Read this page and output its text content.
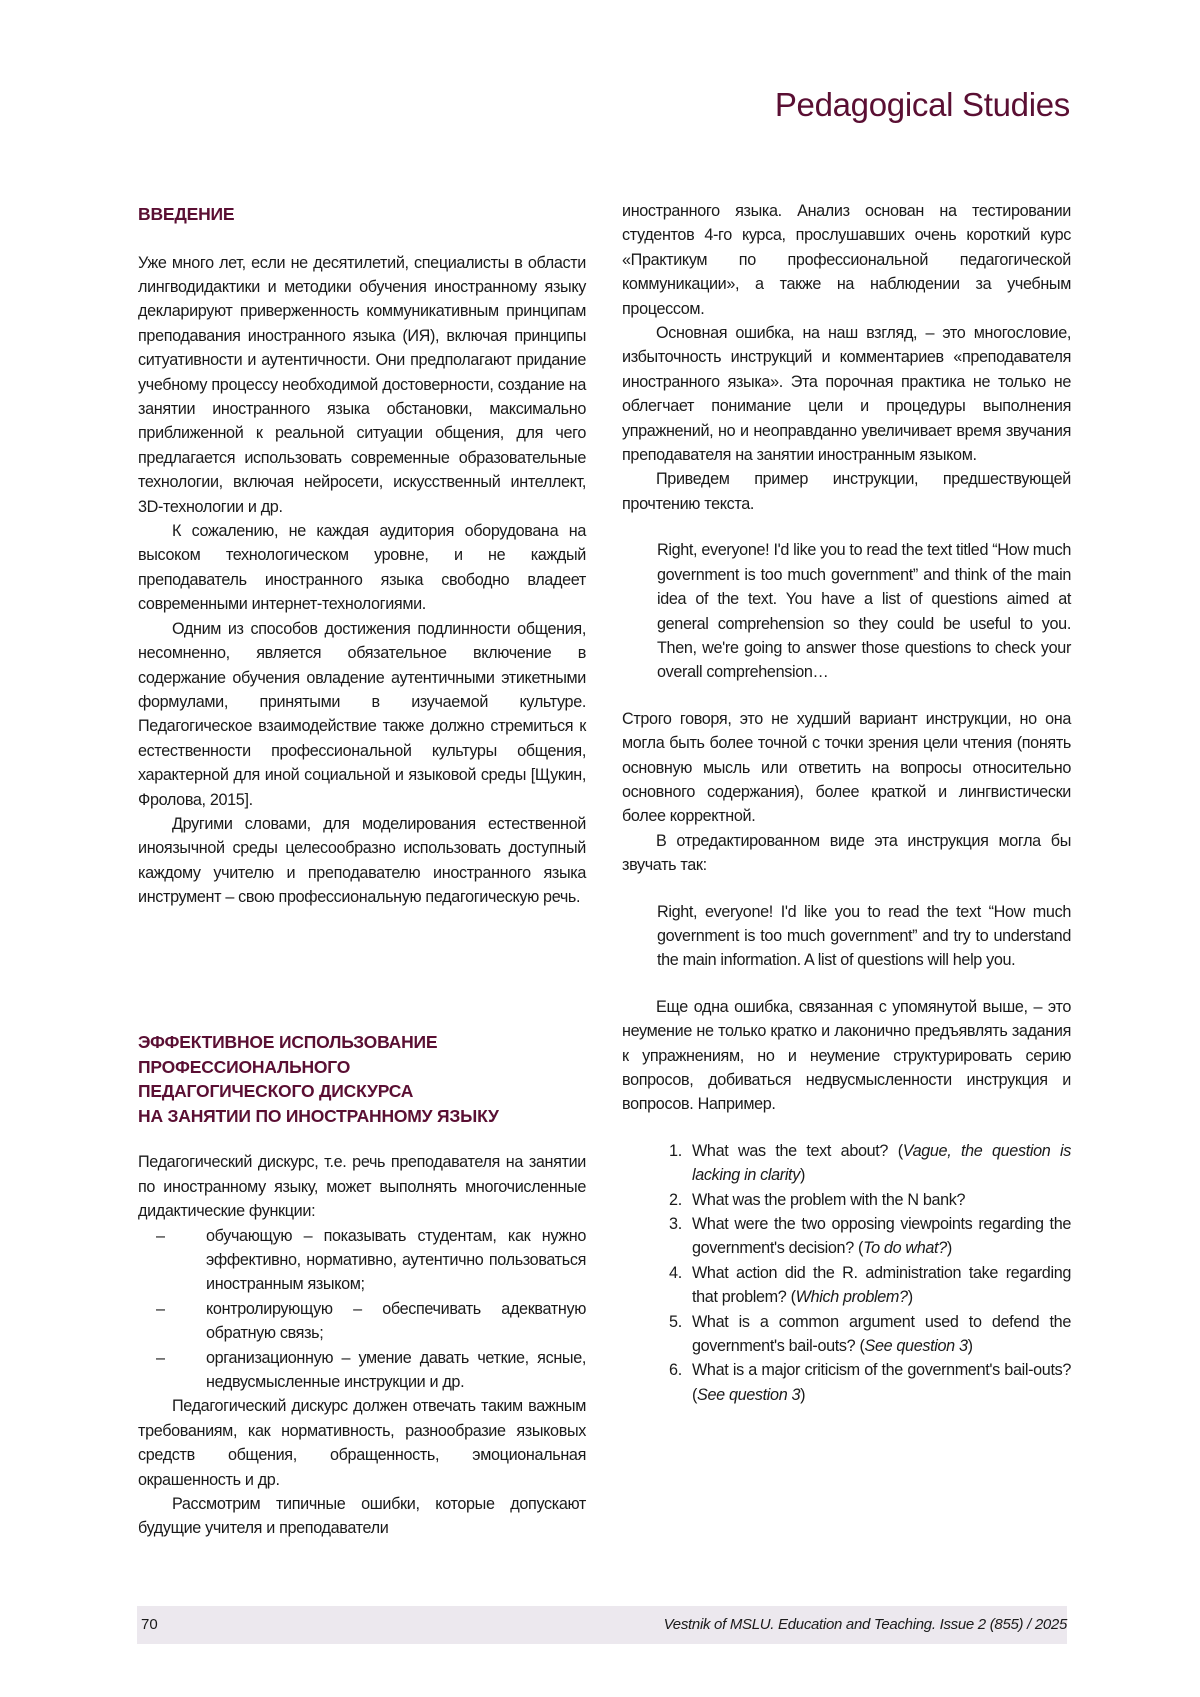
Pedagogical Studies
ВВЕДЕНИЕ

Уже много лет, если не десятилетий, специалисты в области лингводидактики и методики обучения иностранному языку декларируют приверженность коммуникативным принципам преподавания иностранного языка (ИЯ), включая принципы ситуативности и аутентичности. Они предполагают придание учебному процессу необходимой достоверности, создание на занятии иностранного языка обстановки, максимально приближенной к реальной ситуации общения, для чего предлагается использовать современные образовательные технологии, включая нейросети, искусственный интеллект, 3D-технологии и др.

К сожалению, не каждая аудитория оборудована на высоком технологическом уровне, и не каждый преподаватель иностранного языка свободно владеет современными интернет-технологиями.

Одним из способов достижения подлинности общения, несомненно, является обязательное включение в содержание обучения овладение аутентичными этикетными формулами, принятыми в изучаемой культуре. Педагогическое взаимодействие также должно стремиться к естественности профессиональной культуры общения, характерной для иной социальной и языковой среды [Щукин, Фролова, 2015].

Другими словами, для моделирования естественной иноязычной среды целесообразно использовать доступный каждому учителю и преподавателю иностранного языка инструмент – свою профессиональную педагогическую речь.

ЭФФЕКТИВНОЕ ИСПОЛЬЗОВАНИЕ
ПРОФЕССИОНАЛЬНОГО
ПЕДАГОГИЧЕСКОГО ДИСКУРСА
НА ЗАНЯТИИ ПО ИНОСТРАННОМУ ЯЗЫКУ

Педагогический дискурс, т.е. речь преподавателя на занятии по иностранному языку, может выполнять многочисленные дидактические функции:

– обучающую – показывать студентам, как нужно эффективно, нормативно, аутентично пользоваться иностранным языком;
– контролирующую – обеспечивать адекватную обратную связь;
– организационную – умение давать четкие, ясные, недвусмысленные инструкции и др.

Педагогический дискурс должен отвечать таким важным требованиям, как нормативность, разнообразие языковых средств общения, обращенность, эмоциональная окрашенность и др.

Рассмотрим типичные ошибки, которые допускают будущие учителя и преподаватели

иностранного языка. Анализ основан на тестировании студентов 4-го курса, прослушавших очень короткий курс «Практикум по профессиональной педагогической коммуникации», а также на наблюдении за учебным процессом.

Основная ошибка, на наш взгляд, – это многословие, избыточность инструкций и комментариев «преподавателя иностранного языка». Эта порочная практика не только не облегчает понимание цели и процедуры выполнения упражнений, но и неоправданно увеличивает время звучания преподавателя на занятии иностранным языком.

Приведем пример инструкции, предшествующей прочтению текста.

Right, everyone! I'd like you to read the text titled “How much government is too much government” and think of the main idea of the text. You have a list of questions aimed at general comprehension so they could be useful to you. Then, we're going to answer those questions to check your overall comprehension…

Строго говоря, это не худший вариант инструкции, но она могла быть более точной с точки зрения цели чтения (понять основную мысль или ответить на вопросы относительно основного содержания), более краткой и лингвистически более корректной.

В отредактированном виде эта инструкция могла бы звучать так:

Right, everyone! I'd like you to read the text “How much government is too much government” and try to understand the main information. A list of questions will help you.

Еще одна ошибка, связанная с упомянутой выше, – это неумение не только кратко и лаконично предъявлять задания к упражнениям, но и неумение структурировать серию вопросов, добиваться недвусмысленности инструкция и вопросов. Например.

1. What was the text about? ( Vague, the question is lacking in clarity )
2. What was the problem with the N bank?
3. What were the two opposing viewpoints regarding the government's decision? ( To do what? )
4. What action did the R. administration take regarding that problem? ( Which problem? )
5. What is a common argument used to defend the government's bail-outs? ( See question 3 )
6. What is a major criticism of the government's bail-outs? ( See question 3 )
70	Vestnik of MSLU. Education and Teaching. Issue 2 (855) / 2025
